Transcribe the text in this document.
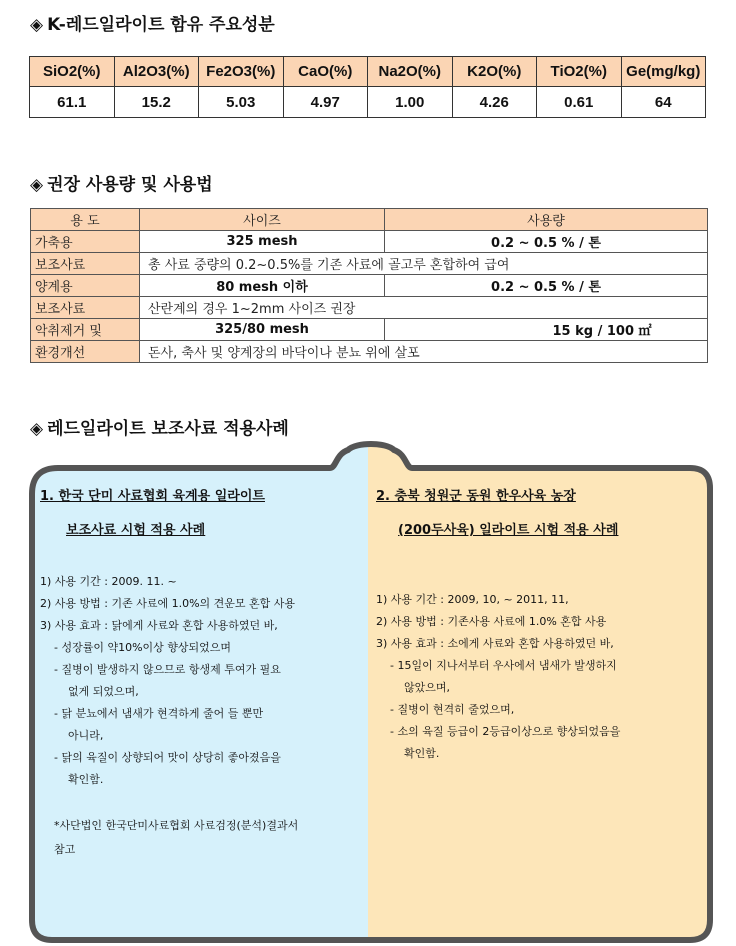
◈ K-레드일라이트 함유 주요성분
SiO2(%)	Al2O3(%)	Fe2O3(%)	CaO(%)	Na2O(%)	K2O(%)	TiO2(%)	Ge(mg/kg)
61.1	15.2	5.03	4.97	1.00	4.26	0.61	64
◈ 권장 사용량 및 사용법
용 도	사이즈	사용량
가축용	325 mesh	0.2 ~ 0.5 % / 톤
보조사료	총 사료 중량의 0.2~0.5%를 기존 사료에 골고루 혼합하여 급여	
양계용	80 mesh 이하	0.2 ~ 0.5 % / 톤
보조사료	산란계의 경우 1~2mm 사이즈 권장	
악취제거 및	325/80 mesh	15 kg / 100 ㎡
환경개선	돈사, 축사 및 양계장의 바닥이나 분뇨 위에 살포	
◈ 레드일라이트 보조사료 적용사례
1. 한국 단미 사료협회 육계용 일라이트
보조사료 시험 적용 사례

1) 사용 기간 : 2009. 11. ~

2) 사용 방법 : 기존 사료에 1.0%의 견운모 혼합 사용

3) 사용 효과 : 닭에게 사료와 혼합 사용하였던 바,

- 성장률이 약10%이상 향상되었으며

- 질병이 발생하지 않으므로 항생제 투여가 필요

없게 되었으며,

- 닭 분뇨에서 냄새가 현격하게 줄어 들 뿐만

아니라,

- 닭의 육질이 상향되어 맛이 상당히 좋아졌음을

확인함.

*사단법인 한국단미사료협회 사료검정(분석)결과서

참고

2. 충북 청원군 동원 한우사육 농장
(200두사육) 일라이트 시험 적용 사례

1) 사용 기간 : 2009, 10, ~ 2011, 11,

2) 사용 방법 : 기존사용 사료에 1.0% 혼합 사용

3) 사용 효과 : 소에게 사료와 혼합 사용하였던 바,

- 15일이 지나서부터 우사에서 냄새가 발생하지

않았으며,

- 질병이 현격히 줄었으며,

- 소의 육질 등급이 2등급이상으로 향상되었음을

확인함.
